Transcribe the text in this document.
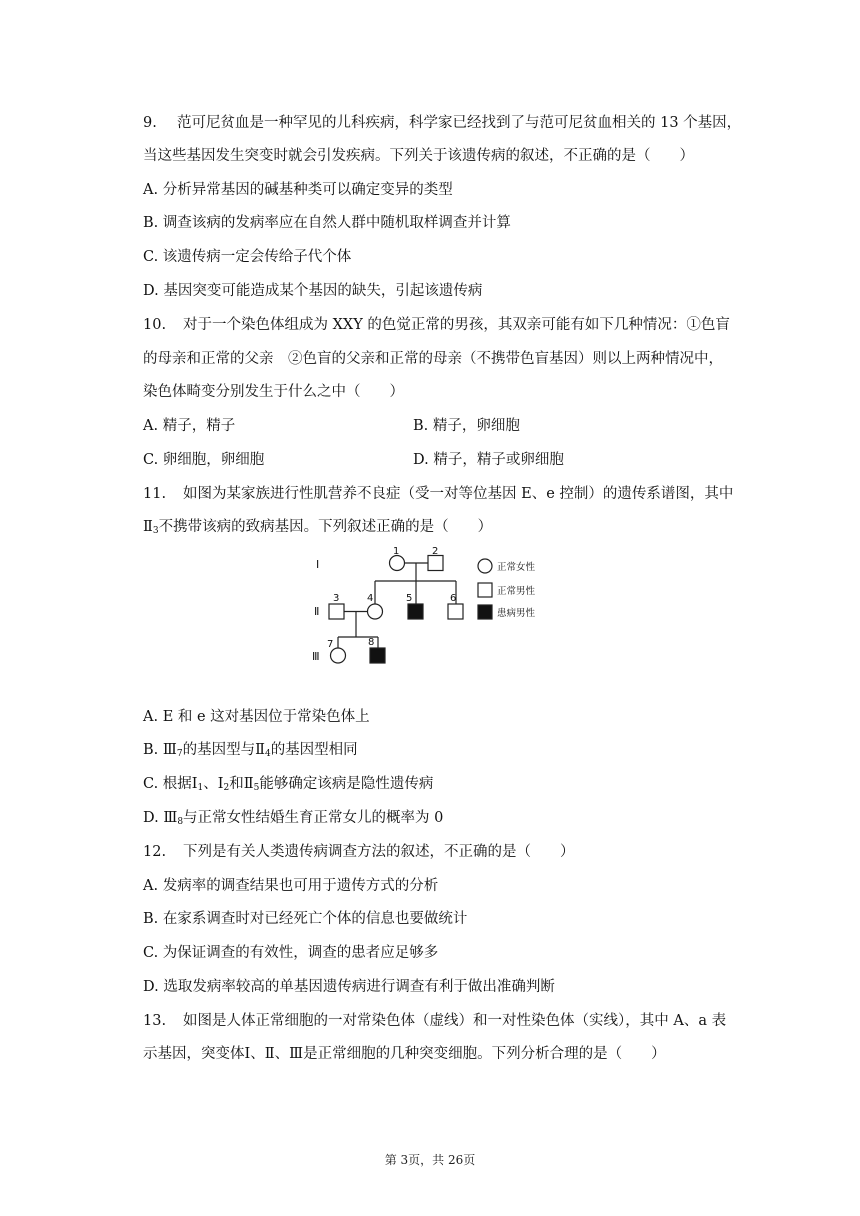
9. 范可尼贫血是一种罕见的儿科疾病，科学家已经找到了与范可尼贫血相关的 13 个基因，
当这些基因发生突变时就会引发疾病。下列关于该遗传病的叙述，不正确的是（　　）
A. 分析异常基因的碱基种类可以确定变异的类型
B. 调查该病的发病率应在自然人群中随机取样调查并计算
C. 该遗传病一定会传给子代个体
D. 基因突变可能造成某个基因的缺失，引起该遗传病
10. 对于一个染色体组成为 XXY 的色觉正常的男孩，其双亲可能有如下几种情况：①色盲
的母亲和正常的父亲　②色盲的父亲和正常的母亲（不携带色盲基因）则以上两种情况中，
染色体畸变分别发生于什么之中（　　）
A. 精子，精子	B. 精子，卵细胞
C. 卵细胞，卵细胞	D. 精子，精子或卵细胞
11. 如图为某家族进行性肌营养不良症（受一对等位基因 E、e 控制）的遗传系谱图，其中
$Ⅱ_3$不携带该病的致病基因。下列叙述正确的是（　　）
Ⅰ
Ⅱ
Ⅲ
1	2
3	4	5	6
7	8
正常女性
正常男性
患病男性
A. E 和 e 这对基因位于常染色体上
B. $Ⅲ_7$的基因型与$Ⅱ_4$的基因型相同
C. 根据$Ⅰ_1$、$Ⅰ_2$和$Ⅱ_5$能够确定该病是隐性遗传病
D. $Ⅲ_8$与正常女性结婚生育正常女儿的概率为 0
12. 下列是有关人类遗传病调查方法的叙述，不正确的是（　　）
A. 发病率的调查结果也可用于遗传方式的分析
B. 在家系调查时对已经死亡个体的信息也要做统计
C. 为保证调查的有效性，调查的患者应足够多
D. 选取发病率较高的单基因遗传病进行调查有利于做出准确判断
13. 如图是人体正常细胞的一对常染色体（虚线）和一对性染色体（实线），其中 A、a 表
示基因，突变体Ⅰ、Ⅱ、Ⅲ是正常细胞的几种突变细胞。下列分析合理的是（　　）
第 3页，共 26页
